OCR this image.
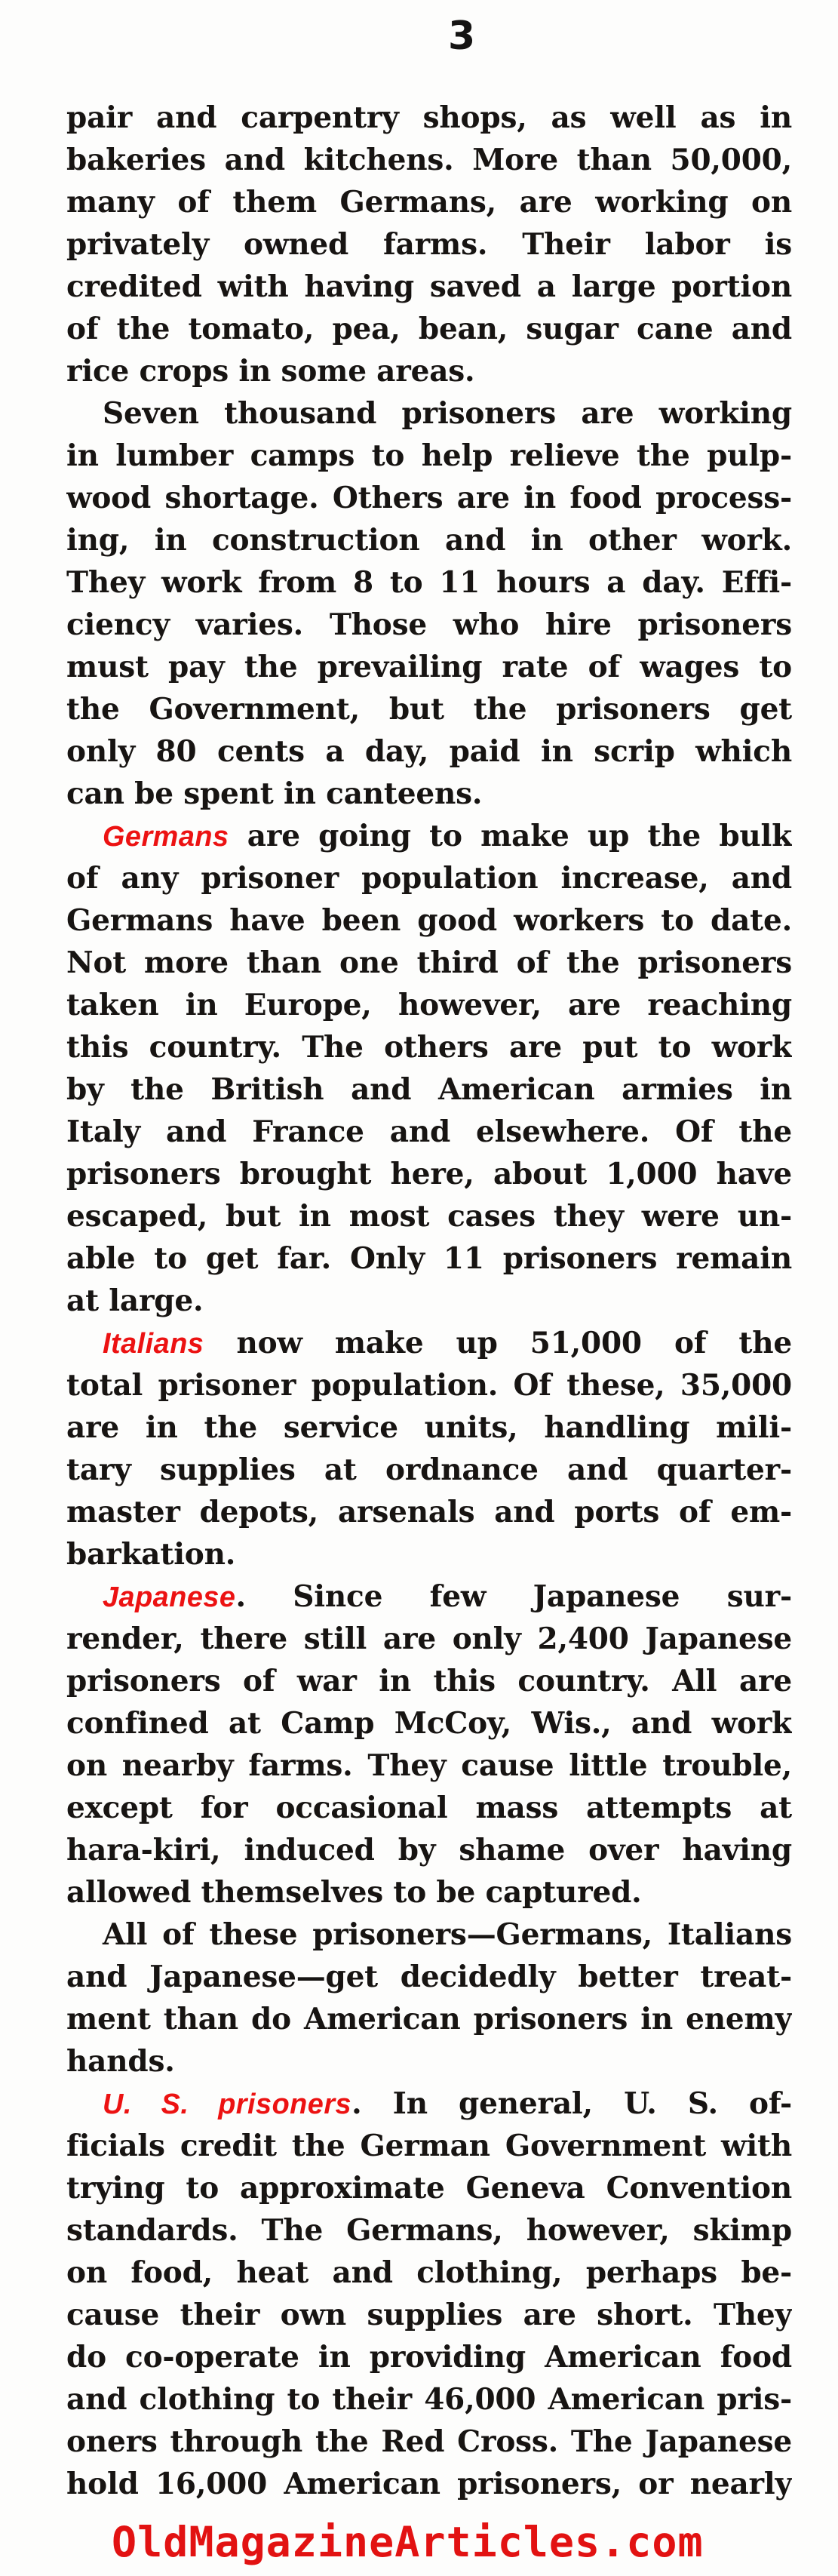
3
pair and carpentry shops, as well as in
bakeries and kitchens. More than 50,000,
many of them Germans, are working on
privately owned farms. Their labor is
credited with having saved a large portion
of the tomato, pea, bean, sugar cane and
rice crops in some areas.
Seven thousand prisoners are working
in lumber camps to help relieve the pulp-
wood shortage. Others are in food process-
ing, in construction and in other work.
They work from 8 to 11 hours a day. Effi-
ciency varies. Those who hire prisoners
must pay the prevailing rate of wages to
the Government, but the prisoners get
only 80 cents a day, paid in scrip which
can be spent in canteens.
Germans are going to make up the bulk
of any prisoner population increase, and
Germans have been good workers to date.
Not more than one third of the prisoners
taken in Europe, however, are reaching
this country. The others are put to work
by the British and American armies in
Italy and France and elsewhere. Of the
prisoners brought here, about 1,000 have
escaped, but in most cases they were un-
able to get far. Only 11 prisoners remain
at large.
Italians now make up 51,000 of the
total prisoner population. Of these, 35,000
are in the service units, handling mili-
tary supplies at ordnance and quarter-
master depots, arsenals and ports of em-
barkation.
Japanese. Since few Japanese sur-
render, there still are only 2,400 Japanese
prisoners of war in this country. All are
confined at Camp McCoy, Wis., and work
on nearby farms. They cause little trouble,
except for occasional mass attempts at
hara-kiri, induced by shame over having
allowed themselves to be captured.
All of these prisoners—Germans, Italians
and Japanese—get decidedly better treat-
ment than do American prisoners in enemy
hands.
U. S. prisoners. In general, U. S. of-
ficials credit the German Government with
trying to approximate Geneva Convention
standards. The Germans, however, skimp
on food, heat and clothing, perhaps be-
cause their own supplies are short. They
do co-operate in providing American food
and clothing to their 46,000 American pris-
oners through the Red Cross. The Japanese
hold 16,000 American prisoners, or nearly
OldMagazineArticles.com
